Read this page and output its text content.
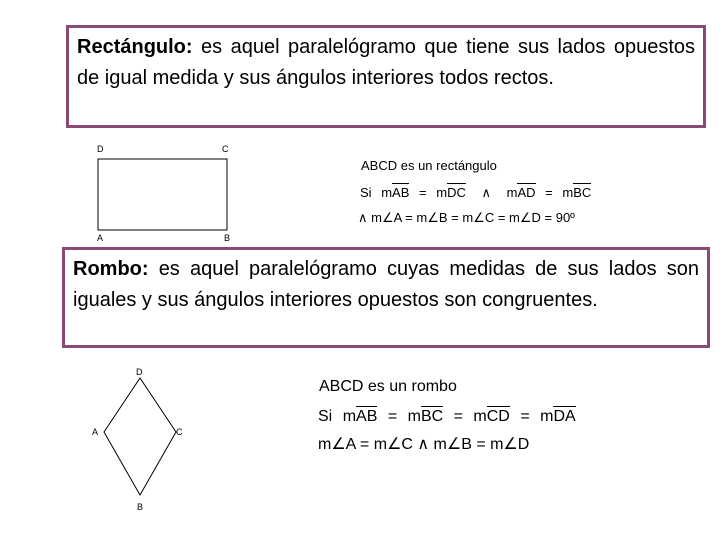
Rectángulo: es aquel paralelógramo que tiene sus lados opuestos de igual medida y sus ángulos interiores todos rectos.
D	C
A	B
ABCD es un rectángulo
Si mAB = mDC ∧ mAD = mBC
∧ m∠A = m∠B = m∠C = m∠D = 90º
Rombo: es aquel paralelógramo cuyas medidas de sus lados son iguales y sus ángulos interiores opuestos son congruentes.
D
A	C
B
ABCD es un rombo
Si mAB = mBC = mCD = mDA
m∠A = m∠C ∧ m∠B = m∠D
